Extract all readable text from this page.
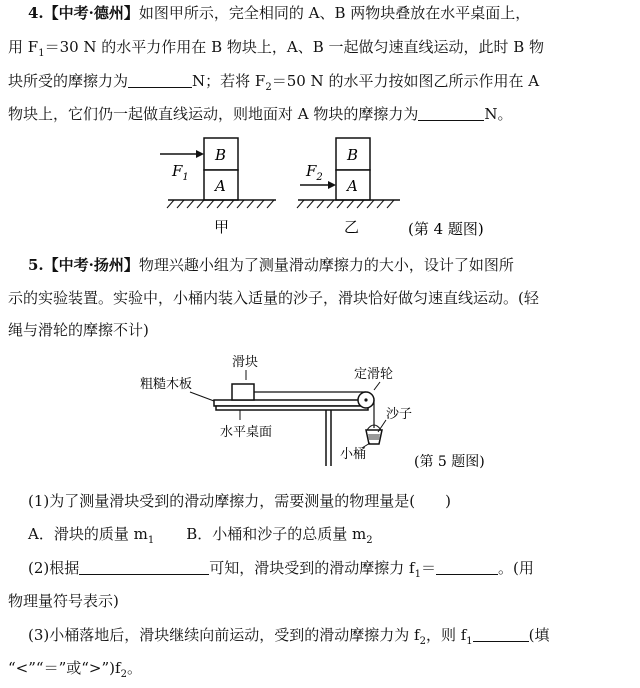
4.【中考·德州】如图甲所示，完全相同的 A、B 两物块叠放在水平桌面上，
用 $F_1=30$ N 的水平力作用在 B 物块上，A、B 一起做匀速直线运动，此时 B 物
块所受的摩擦力为	N；若将 $F_2=50$ N 的水平力按如图乙所示作用在 A
物块上，它们仍一起做直线运动，则地面对 A 物块的摩擦力为	N。
B
A
$F_1$
甲
B
A
$F_2$
乙	(第 4 题图)
5.【中考·扬州】物理兴趣小组为了测量滑动摩擦力的大小，设计了如图所
示的实验装置。实验中，小桶内装入适量的沙子，滑块恰好做匀速直线运动。(轻
绳与滑轮的摩擦不计)
粗糙木板
滑块
定滑轮
水平桌面
沙子
小桶	(第 5 题图)
(1)为了测量滑块受到的滑动摩擦力，需要测量的物理量是(　　)
A．滑块的质量 $m_1$ B．小桶和沙子的总质量 $m_2$
(2)根据	可知，滑块受到的滑动摩擦力 $f_1=$	。(用
物理量符号表示)
(3)小桶落地后，滑块继续向前运动，受到的滑动摩擦力为 $f_2$，则 $f_1$	(填
“<”“＝”或“$>”)f_2$。
